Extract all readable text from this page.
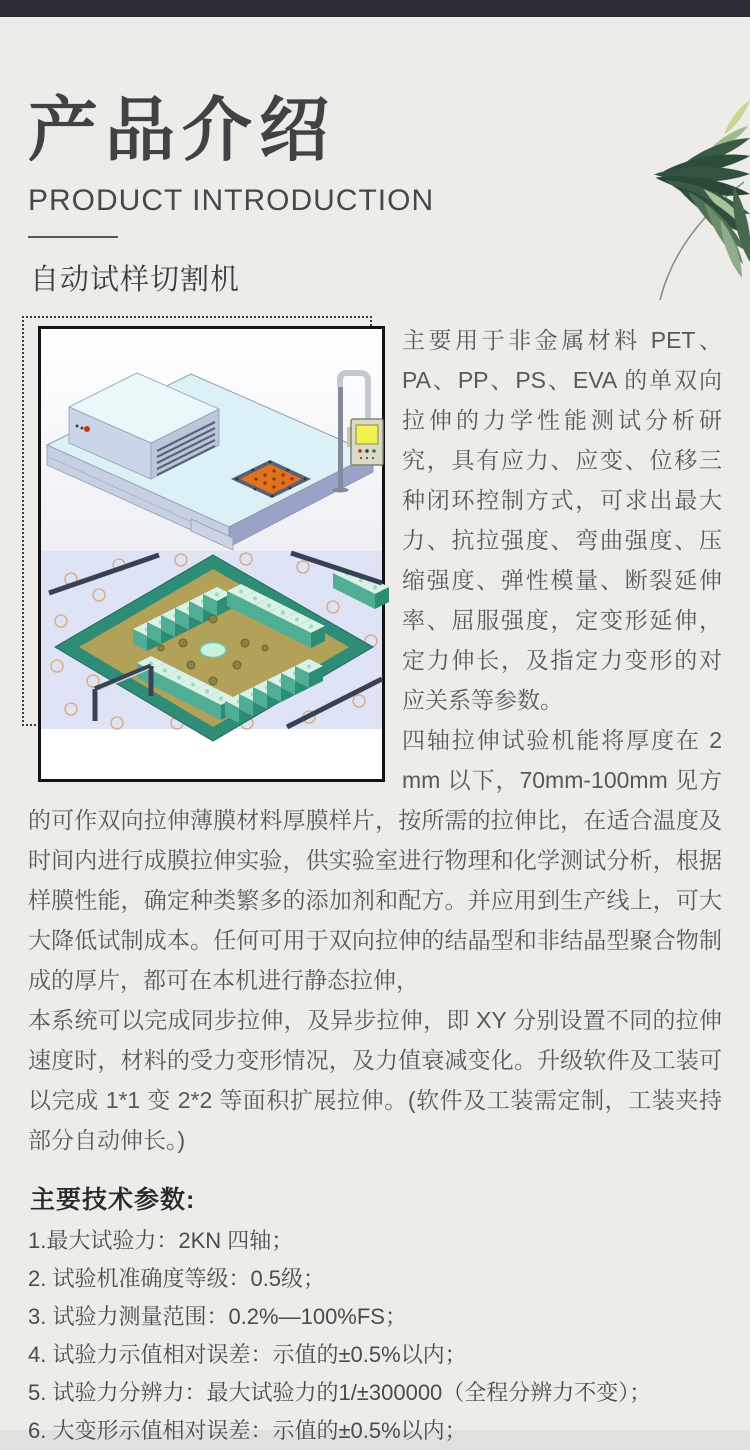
产品介绍
PRODUCT INTRODUCTION
自动试样切割机

主要用于非金属材料 PET、PA、PP、PS、EVA 的单双向拉伸的力学性能测试分析研究，具有应力、应变、位移三种闭环控制方式，可求出最大力、抗拉强度、弯曲强度、压缩强度、弹性模量、断裂延伸率、屈服强度，定变形延伸，定力伸长，及指定力变形的对应关系等参数。

四轴拉伸试验机能将厚度在 2 mm 以下，70mm-100mm 见方的可作双向拉伸薄膜材料厚膜样片，按所需的拉伸比，在适合温度及时间内进行成膜拉伸实验，供实验室进行物理和化学测试分析，根据样膜性能，确定种类繁多的添加剂和配方。并应用到生产线上，可大大降低试制成本。任何可用于双向拉伸的结晶型和非结晶型聚合物制成的厚片，都可在本机进行静态拉伸，

本系统可以完成同步拉伸，及异步拉伸，即 XY 分别设置不同的拉伸速度时，材料的受力变形情况，及力值衰减变化。升级软件及工装可以完成 1*1 变 2*2 等面积扩展拉伸。(软件及工装需定制，工装夹持部分自动伸长。)

主要技术参数:
1.最大试验力：2KN 四轴；
2. 试验机准确度等级：0.5级；
3. 试验力测量范围：0.2%—100%FS；
4. 试验力示值相对误差：示值的±0.5%以内；
5. 试验力分辨力：最大试验力的1/±300000（全程分辨力不变）；
6. 大变形示值相对误差：示值的±0.5%以内；
